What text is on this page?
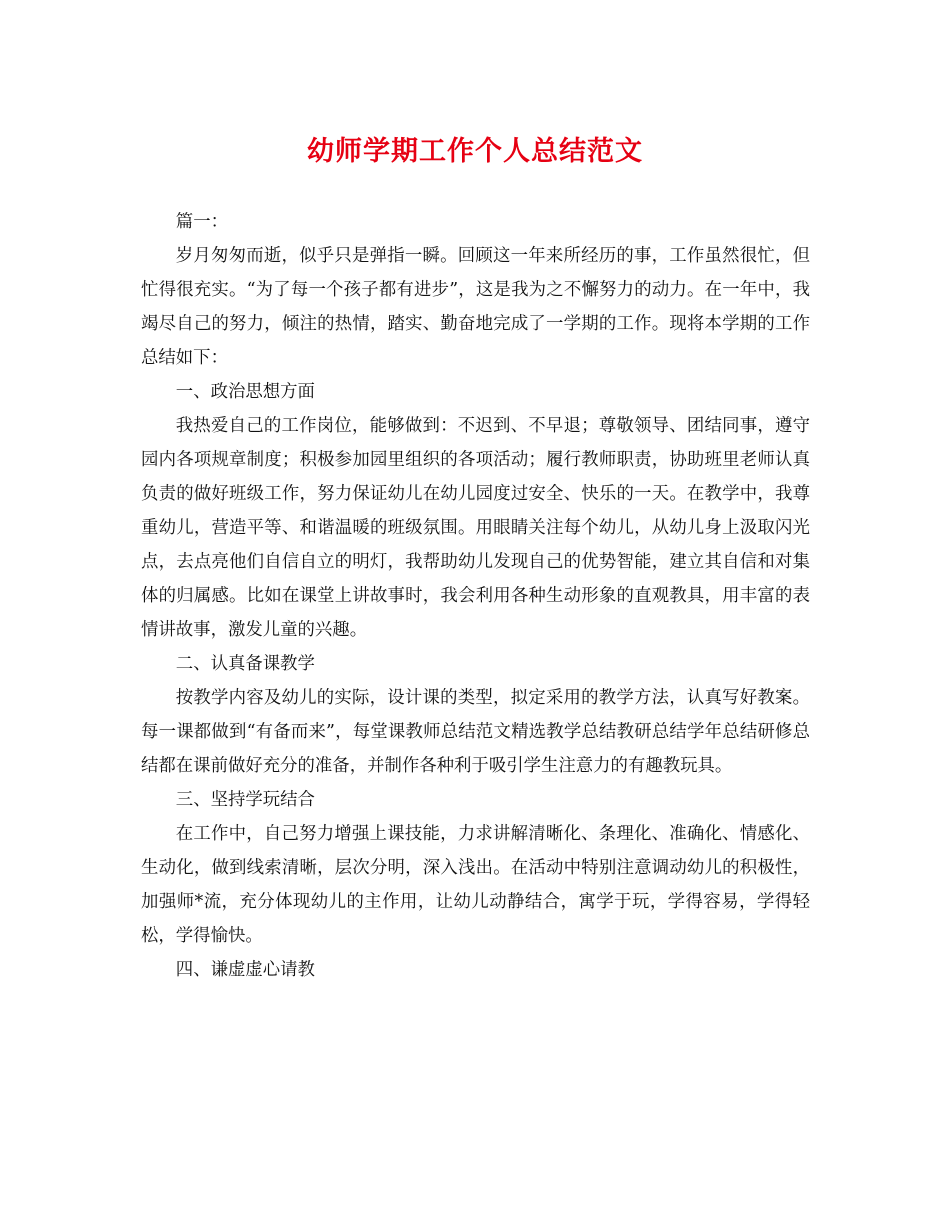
幼师学期工作个人总结范文

篇一：

岁月匆匆而逝，似乎只是弹指一瞬。回顾这一年来所经历的事，工作虽然很忙，但忙得很充实。“为了每一个孩子都有进步”，这是我为之不懈努力的动力。在一年中，我竭尽自己的努力，倾注的热情，踏实、勤奋地完成了一学期的工作。现将本学期的工作总结如下：

一、政治思想方面

我热爱自己的工作岗位，能够做到：不迟到、不早退；尊敬领导、团结同事，遵守园内各项规章制度；积极参加园里组织的各项活动；履行教师职责，协助班里老师认真负责的做好班级工作，努力保证幼儿在幼儿园度过安全、快乐的一天。在教学中，我尊重幼儿，营造平等、和谐温暖的班级氛围。用眼睛关注每个幼儿，从幼儿身上汲取闪光点，去点亮他们自信自立的明灯，我帮助幼儿发现自己的优势智能，建立其自信和对集体的归属感。比如在课堂上讲故事时，我会利用各种生动形象的直观教具，用丰富的表情讲故事，激发儿童的兴趣。

二、认真备课教学

按教学内容及幼儿的实际，设计课的类型，拟定采用的教学方法，认真写好教案。每一课都做到“有备而来”，每堂课教师总结范文精选教学总结教研总结学年总结研修总结都在课前做好充分的准备，并制作各种利于吸引学生注意力的有趣教玩具。

三、坚持学玩结合

在工作中，自己努力增强上课技能，力求讲解清晰化、条理化、准确化、情感化、生动化，做到线索清晰，层次分明，深入浅出。在活动中特别注意调动幼儿的积极性，加强师*流，充分体现幼儿的主作用，让幼儿动静结合，寓学于玩，学得容易，学得轻松，学得愉快。

四、谦虚虚心请教
